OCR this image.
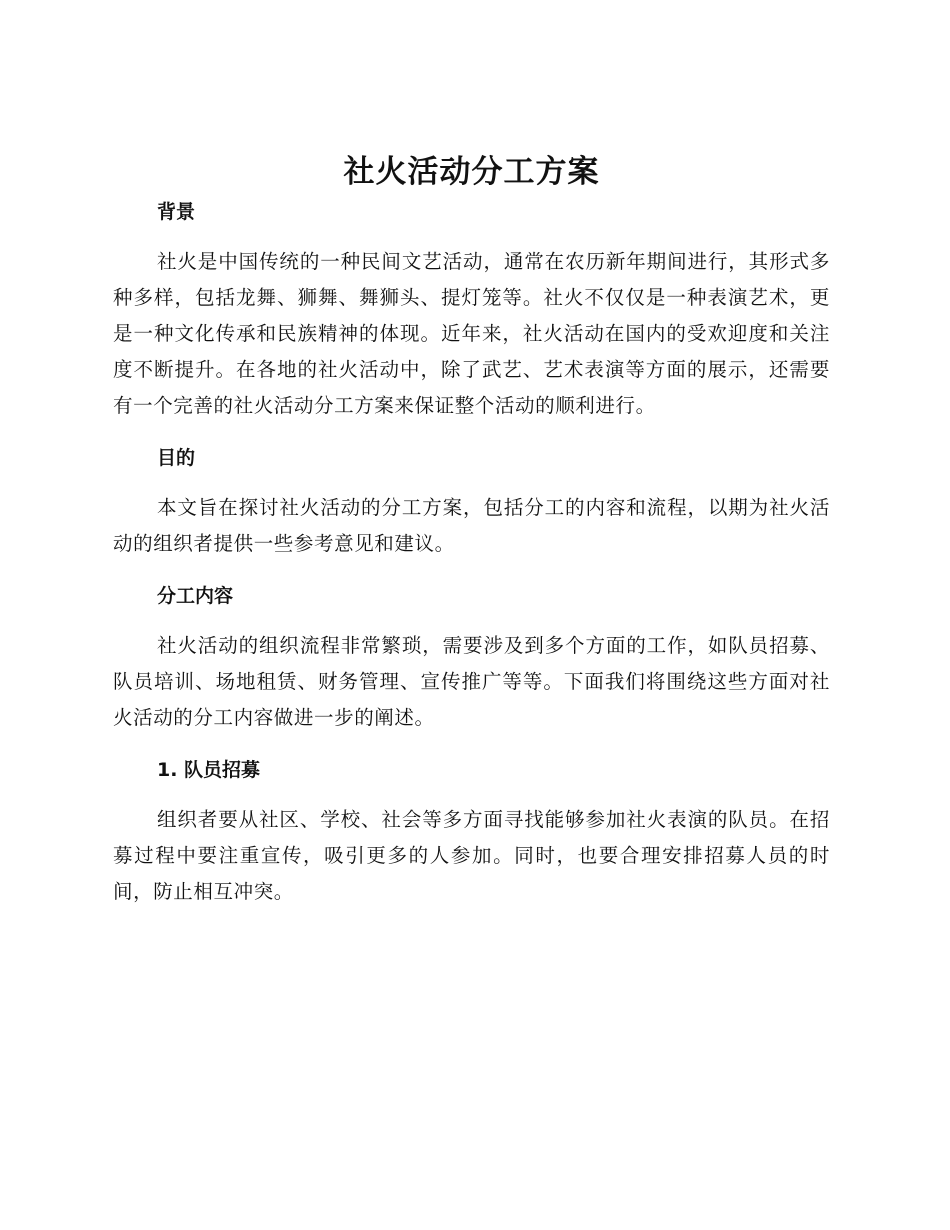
社火活动分工方案
背景

社火是中国传统的一种民间文艺活动，通常在农历新年期间进行，其形式多种多样，包括龙舞、狮舞、舞狮头、提灯笼等。社火不仅仅是一种表演艺术，更是一种文化传承和民族精神的体现。近年来，社火活动在国内的受欢迎度和关注度不断提升。在各地的社火活动中，除了武艺、艺术表演等方面的展示，还需要有一个完善的社火活动分工方案来保证整个活动的顺利进行。

目的

本文旨在探讨社火活动的分工方案，包括分工的内容和流程，以期为社火活动的组织者提供一些参考意见和建议。

分工内容

社火活动的组织流程非常繁琐，需要涉及到多个方面的工作，如队员招募、队员培训、场地租赁、财务管理、宣传推广等等。下面我们将围绕这些方面对社火活动的分工内容做进一步的阐述。

1. 队员招募

组织者要从社区、学校、社会等多方面寻找能够参加社火表演的队员。在招募过程中要注重宣传，吸引更多的人参加。同时，也要合理安排招募人员的时间，防止相互冲突。
